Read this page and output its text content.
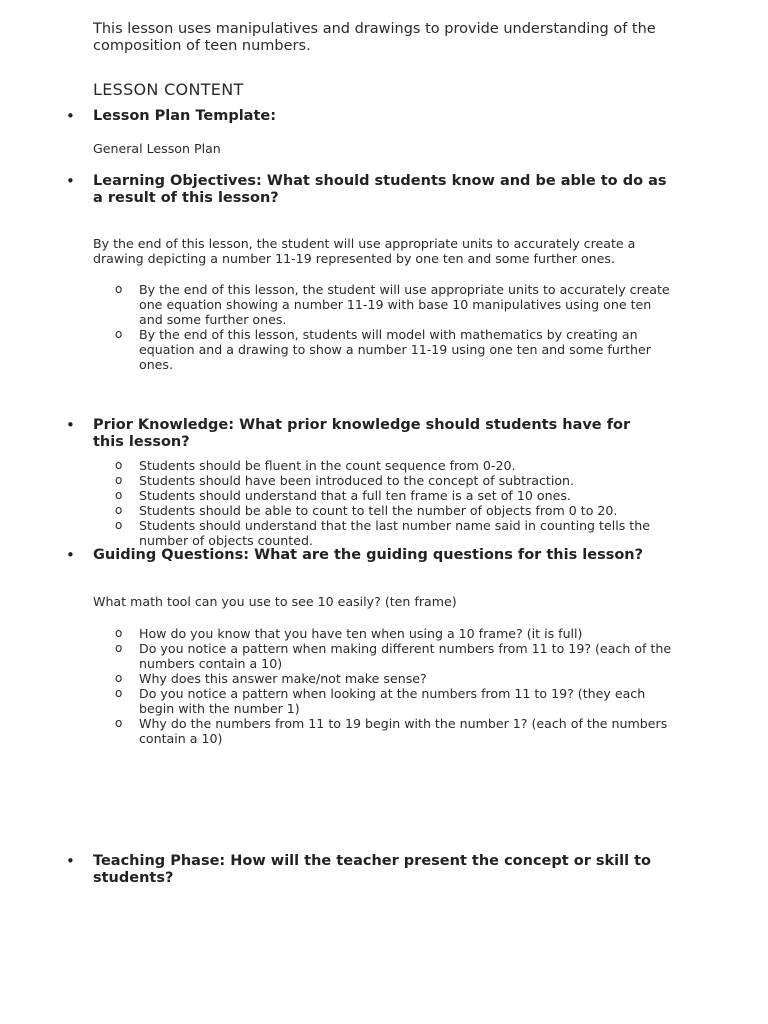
This lesson uses manipulatives and drawings to provide understanding of the composition of teen numbers.

LESSON CONTENT

• Lesson Plan Template:

General Lesson Plan

• Learning Objectives: What should students know and be able to do as a result of this lesson?

By the end of this lesson, the student will use appropriate units to accurately create a drawing depicting a number 11-19 represented by one ten and some further ones.

o By the end of this lesson, the student will use appropriate units to accurately create one equation showing a number 11-19 with base 10 manipulatives using one ten and some further ones.
o By the end of this lesson, students will model with mathematics by creating an equation and a drawing to show a number 11-19 using one ten and some further ones.
• Prior Knowledge: What prior knowledge should students have for this lesson?

o Students should be fluent in the count sequence from 0-20.
o Students should have been introduced to the concept of subtraction.
o Students should understand that a full ten frame is a set of 10 ones.
o Students should be able to count to tell the number of objects from 0 to 20.
o Students should understand that the last number name said in counting tells the number of objects counted.
• Guiding Questions: What are the guiding questions for this lesson?

What math tool can you use to see 10 easily? (ten frame)

o How do you know that you have ten when using a 10 frame? (it is full)
o Do you notice a pattern when making different numbers from 11 to 19? (each of the numbers contain a 10)
o Why does this answer make/not make sense?
o Do you notice a pattern when looking at the numbers from 11 to 19? (they each begin with the number 1)
o Why do the numbers from 11 to 19 begin with the number 1? (each of the numbers contain a 10)
• Teaching Phase: How will the teacher present the concept or skill to students?
